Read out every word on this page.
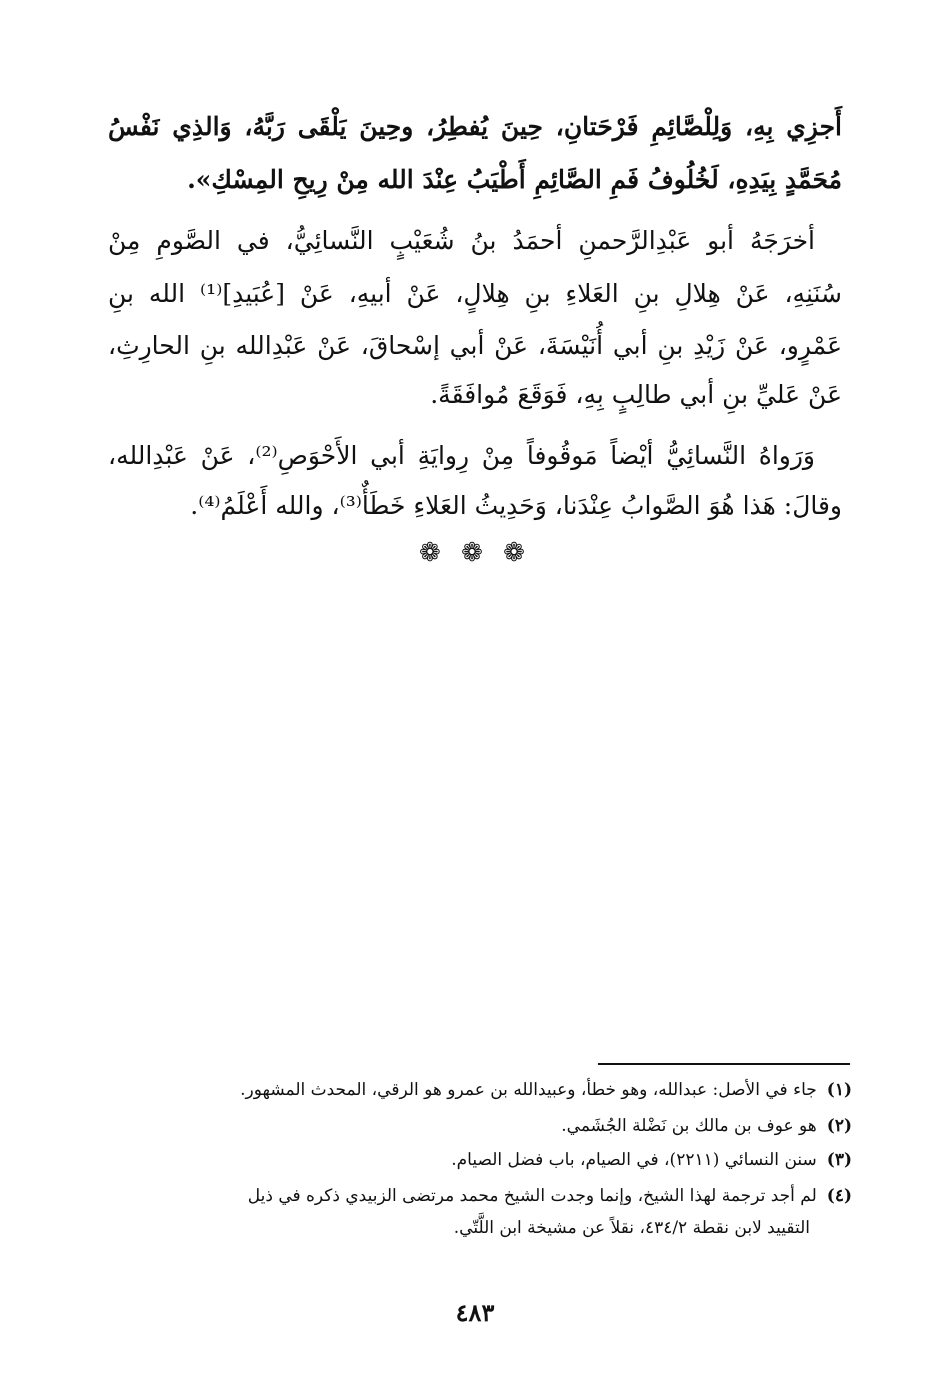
أَجزِي بِهِ، وَلِلْصَّائِمِ فَرْحَتانِ، حِينَ يُفطِرُ، وحِينَ يَلْقَى رَبَّهُ، وَالذِي نَفْسُ
مُحَمَّدٍ بِيَدِهِ، لَخُلُوفُ فَمِ الصَّائِمِ أَطْيَبُ عِنْدَ الله مِنْ رِيحِ المِسْكِ».
أخرَجَهُ أبو عَبْدِالرَّحمنِ أحمَدُ بنُ شُعَيْبٍ النَّسائِيُّ، في الصَّومِ مِنْ
سُنَنِهِ، عَنْ هِلالِ بنِ العَلاءِ بنِ هِلالٍ، عَنْ أبيهِ، عَنْ [عُبَيدِ]⁽¹⁾ الله بنِ
عَمْرٍو، عَنْ زَيْدِ بنِ أبي أُنَيْسَةَ، عَنْ أبي إسْحاقَ، عَنْ عَبْدِالله بنِ الحارِثِ،
عَنْ عَليِّ بنِ أبي طالِبٍ بِهِ، فَوَقَعَ مُوافَقَةً.
وَرَواهُ النَّسائِيُّ أيْضاً مَوقُوفاً مِنْ رِوايَةِ أبي الأَحْوَصِ⁽²⁾، عَنْ عَبْدِالله،
وقالَ: هَذا هُوَ الصَّوابُ عِنْدَنا، وَحَدِيثُ العَلاءِ خَطَأٌ⁽³⁾، والله أَعْلَمُ⁽⁴⁾.
❁ ❁ ❁
(١)جاء في الأصل: عبدالله، وهو خطأ، وعبيدالله بن عمرو هو الرقي، المحدث المشهور.
(٢)هو عوف بن مالك بن نَضْلة الجُشَمي.
(٣)سنن النسائي (٢٢١١)، في الصيام، باب فضل الصيام.
(٤)لم أجد ترجمة لهذا الشيخ، وإنما وجدت الشيخ محمد مرتضى الزبيدي ذكره في ذيل
التقييد لابن نقطة ٤٣٤/٢، نقلاً عن مشيخة ابن اللَّتّي.
٤٨٣
